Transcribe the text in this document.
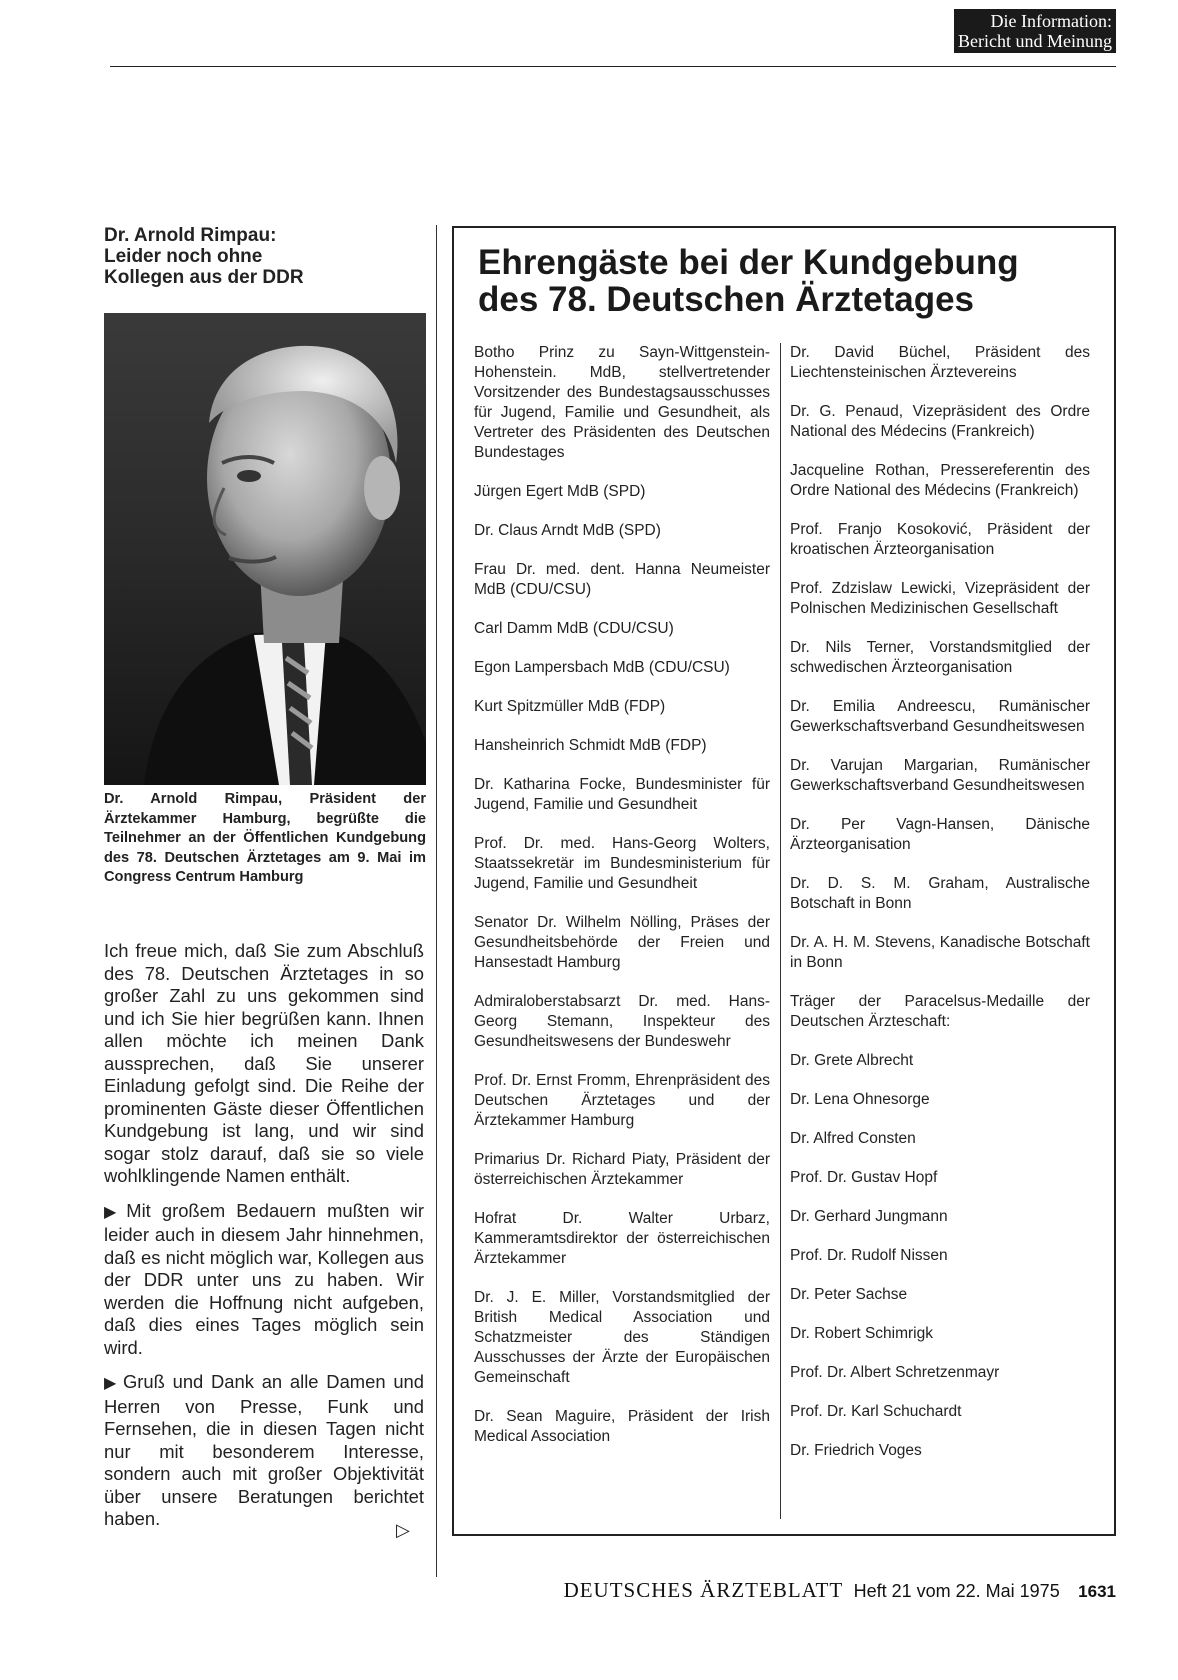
Die Information:
Bericht und Meinung
Dr. Arnold Rimpau:
Leider noch ohne
Kollegen aus der DDR
Dr. Arnold Rimpau, Präsident der Ärztekammer Hamburg, begrüßte die Teilnehmer an der Öffentlichen Kundgebung des 78. Deutschen Ärztetages am 9. Mai im Congress Centrum Hamburg

Ich freue mich, daß Sie zum Abschluß des 78. Deutschen Ärztetages in so großer Zahl zu uns gekommen sind und ich Sie hier begrüßen kann. Ihnen allen möchte ich meinen Dank aussprechen, daß Sie unserer Einladung gefolgt sind. Die Reihe der prominenten Gäste dieser Öffentlichen Kundgebung ist lang, und wir sind sogar stolz darauf, daß sie so viele wohlklingende Namen enthält.

▶ Mit großem Bedauern mußten wir leider auch in diesem Jahr hinnehmen, daß es nicht möglich war, Kollegen aus der DDR unter uns zu haben. Wir werden die Hoffnung nicht aufgeben, daß dies eines Tages möglich sein wird.

▶ Gruß und Dank an alle Damen und Herren von Presse, Funk und Fernsehen, die in diesen Tagen nicht nur mit besonderem Interesse, sondern auch mit großer Objektivität über unsere Beratungen berichtet haben.

▷
Ehrengäste bei der Kundgebung
des 78. Deutschen Ärztetages
Botho Prinz zu Sayn-Wittgenstein-Hohenstein. MdB, stellvertretender Vorsitzender des Bundestagsausschusses für Jugend, Familie und Gesundheit, als Vertreter des Präsidenten des Deutschen Bundestages
Jürgen Egert MdB (SPD)
Dr. Claus Arndt MdB (SPD)
Frau Dr. med. dent. Hanna Neumeister MdB (CDU/CSU)
Carl Damm MdB (CDU/CSU)
Egon Lampersbach MdB (CDU/CSU)
Kurt Spitzmüller MdB (FDP)
Hansheinrich Schmidt MdB (FDP)
Dr. Katharina Focke, Bundesminister für Jugend, Familie und Gesundheit
Prof. Dr. med. Hans-Georg Wolters, Staatssekretär im Bundesministerium für Jugend, Familie und Gesundheit
Senator Dr. Wilhelm Nölling, Präses der Gesundheitsbehörde der Freien und Hansestadt Hamburg
Admiraloberstabsarzt Dr. med. Hans-Georg Stemann, Inspekteur des Gesundheitswesens der Bundeswehr
Prof. Dr. Ernst Fromm, Ehrenpräsident des Deutschen Ärztetages und der Ärztekammer Hamburg
Primarius Dr. Richard Piaty, Präsident der österreichischen Ärztekammer
Hofrat Dr. Walter Urbarz, Kammeramtsdirektor der österreichischen Ärztekammer
Dr. J. E. Miller, Vorstandsmitglied der British Medical Association und Schatzmeister des Ständigen Ausschusses der Ärzte der Europäischen Gemeinschaft
Dr. Sean Maguire, Präsident der Irish Medical Association
Dr. David Büchel, Präsident des Liechtensteinischen Ärztevereins
Dr. G. Penaud, Vizepräsident des Ordre National des Médecins (Frankreich)
Jacqueline Rothan, Pressereferentin des Ordre National des Médecins (Frankreich)
Prof. Franjo Kosoković, Präsident der kroatischen Ärzteorganisation
Prof. Zdzislaw Lewicki, Vizepräsident der Polnischen Medizinischen Gesellschaft
Dr. Nils Terner, Vorstandsmitglied der schwedischen Ärzteorganisation
Dr. Emilia Andreescu, Rumänischer Gewerkschaftsverband Gesundheitswesen
Dr. Varujan Margarian, Rumänischer Gewerkschaftsverband Gesundheitswesen
Dr. Per Vagn-Hansen, Dänische Ärzteorganisation
Dr. D. S. M. Graham, Australische Botschaft in Bonn
Dr. A. H. M. Stevens, Kanadische Botschaft in Bonn
Träger der Paracelsus-Medaille der Deutschen Ärzteschaft:
Dr. Grete Albrecht
Dr. Lena Ohnesorge
Dr. Alfred Consten
Prof. Dr. Gustav Hopf
Dr. Gerhard Jungmann
Prof. Dr. Rudolf Nissen
Dr. Peter Sachse
Dr. Robert Schimrigk
Prof. Dr. Albert Schretzenmayr
Prof. Dr. Karl Schuchardt
Dr. Friedrich Voges
DEUTSCHES ÄRZTEBLATT Heft 21 vom 22. Mai 1975 1631
